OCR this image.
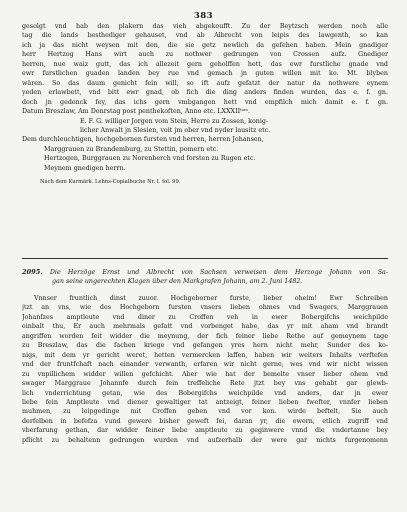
383
gesolgt vnd hab den plakern das vieh abgekoufft. Zu der Beytzsch werden noch alle
tag die lands besthediger gehauset, vnd ab Albrecht von leipis des lawgenth, so kan
ich ja das nicht weysen mit den, die sie getz newlich da gefehen haben. Mein gnadiger
herr Hertzog Hans wirt auch zu nothwer gedrungen von Crossen aufz. Gnediger
herren, nue waiz gutt, das ich allezeit gern geholffen hett, das ewr furstliche gnade vnd
ewr furstlichen guaden landen bey rue vnd gemach jn guten willen mit ko. Mt. blyben
wären. So das daum genicht fein will, so ift aufz gefatzt der natur da nothwere eynem
yeden erlawbett, vnd bitt ewr gnad, ob fich die ding anders finden wurden, das e. f. gn.
doch jn gedenck fey, das ichs gern vmbgangen hett vnd empfilch mich damit e. f. gn.
Datum Breszlaw, Am Donrstag post penthekoften, Anno etc. LXXXIIᵗᵒᵐ.
E. F. G. williger Jorgen vom Stein, Herre zu Zossen, konig-
licher Anwalt jn Slesien, voit jm ober vnd nyder lausitz etc.
Dem durchleuchtigen, hochgebornen fursten vnd herren, herren Johansen,
Marggrauen zu Brandemburg, zu Stettin, pomern etc.
Hertzogen, Burggrauen zu Norenberch vnd forsten zu Rugen etc.
Meynem gnedigen herrn.
Nach dem Kurmärk. Lehns-Copialbuche Nr. I. fol. 99.
2095. Die Herzöge Ernst und Albrecht von Sachsen verweisen dem Herzoge Johann von Sa-
gan seine ungerechten Klagen über den Markgrafen Johann, am 2. Juni 1482.
Vnnser fruntlich dinst zuuor. Hochgeborner furste, lieber oheim! Ewr Schreiben
jtzt an vns, wie des Hochgeborn fursten vnsers lieben ohmes vnd Swagers, Marggrauen
Johanfzes amptleute vnd diner zu Croffen veh in ewer Bobergifchs weichpilde
einbalt thu, Er auch mehrmals gefatt vnd vorbenget habe, das yr mit aham vnd brandt
angriffen worden feit widder die meynung, der fich feiner liebe Rethe auf gemeynem tage
zu Breszlaw, das die fachen kriege vnd gefangen yres hern nicht mehr, Sunder des ko-
nigs, mit dem yr gericht weret, hetten vermercken laffen, haben wir weiters Inhalts verftefen
vnd der fruntfchaft nach einander verwanth, erfaren wir nicht gerne, wes vnd wir nicht wissen
zu vnpillichem widder willen gefchicht. Aber wie hat der bemelte vnser lieber ohem vnd
swager Marggraue Johannfe durch fein treffeliche Rete jtzt bey vns gehabt gar glewb-
lich vnderrichtung getan, wie des Bobergifchs weichpilde vnd anders, dar jn ewer
liebe fein Amptleute vnd diener gewaltiger tat antzeigt, feiner lieben fwefter, vnnfer lieben
muhmen, zu leipgedinge mit Croffen geben vnd vor kon. wirde beftelt, Sie auch
derfelben in befefza vund gewere bisher geweft fei, daran yr, die ewern, etlich zugriff vnd
vberfarung gethan, dar widder feiner liebe amptleute zu geginwere vnnd die vndertanne bey
pflicht zu behaltenn gedrungen wurden vnd aufzerhalb der were gar nichts furgenomenn
